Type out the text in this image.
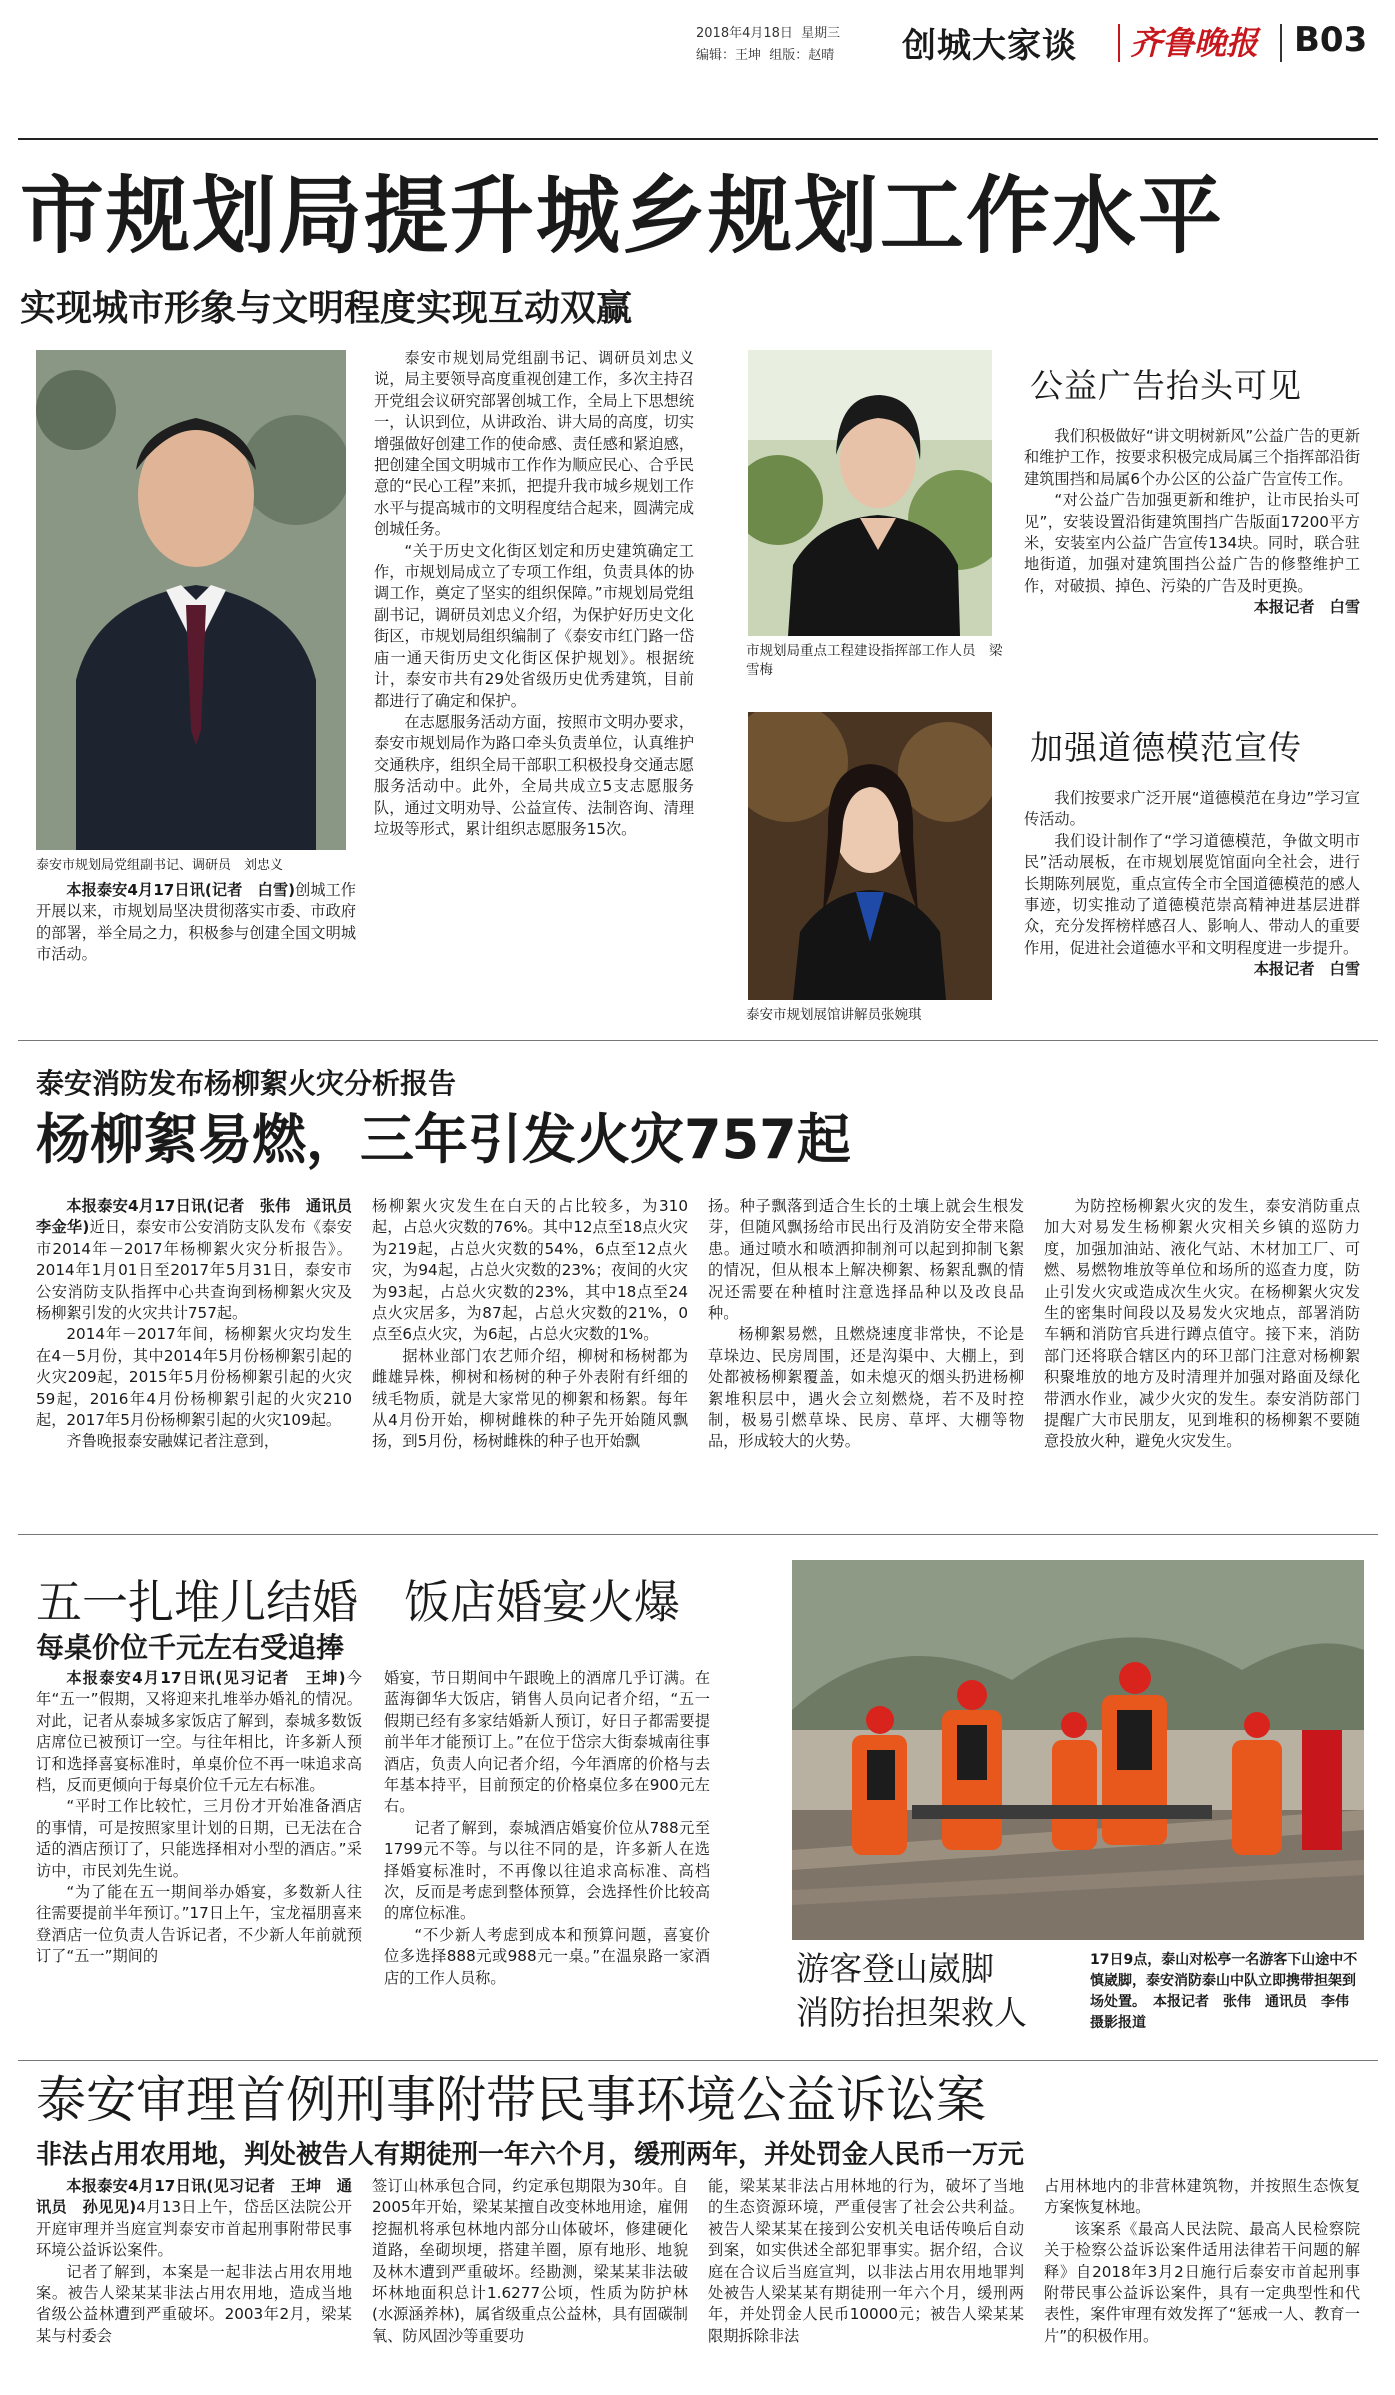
2018年4月18日 星期三
编辑：王坤 组版：赵晴 创城大家谈 齐鲁晚报 B03
市规划局提升城乡规划工作水平
实现城市形象与文明程度实现互动双赢
泰安市规划局党组副书记、调研员　刘忠义

本报泰安4月17日讯(记者　白雪)创城工作开展以来，市规划局坚决贯彻落实市委、市政府的部署，举全局之力，积极参与创建全国文明城市活动。

泰安市规划局党组副书记、调研员刘忠义说，局主要领导高度重视创建工作，多次主持召开党组会议研究部署创城工作，全局上下思想统一，认识到位，从讲政治、讲大局的高度，切实增强做好创建工作的使命感、责任感和紧迫感，把创建全国文明城市工作作为顺应民心、合乎民意的“民心工程”来抓，把提升我市城乡规划工作水平与提高城市的文明程度结合起来，圆满完成创城任务。

“关于历史文化街区划定和历史建筑确定工作，市规划局成立了专项工作组，负责具体的协调工作，奠定了坚实的组织保障。”市规划局党组副书记，调研员刘忠义介绍，为保护好历史文化街区，市规划局组织编制了《泰安市红门路一岱庙一通天街历史文化街区保护规划》。根据统计，泰安市共有29处省级历史优秀建筑，目前都进行了确定和保护。

在志愿服务活动方面，按照市文明办要求，泰安市规划局作为路口牵头负责单位，认真维护交通秩序，组织全局干部职工积极投身交通志愿服务活动中。此外，全局共成立5支志愿服务队，通过文明劝导、公益宣传、法制咨询、清理垃圾等形式，累计组织志愿服务15次。

市规划局重点工程建设指挥部工作人员　梁雪梅
泰安市规划展馆讲解员张婉琪
公益广告抬头可见

我们积极做好“讲文明树新风”公益广告的更新和维护工作，按要求积极完成局属三个指挥部沿街建筑围挡和局属6个办公区的公益广告宣传工作。

“对公益广告加强更新和维护，让市民抬头可见”，安装设置沿街建筑围挡广告版面17200平方米，安装室内公益广告宣传134块。同时，联合驻地街道，加强对建筑围挡公益广告的修整维护工作，对破损、掉色、污染的广告及时更换。

本报记者　白雪

加强道德模范宣传

我们按要求广泛开展“道德模范在身边”学习宣传活动。

我们设计制作了“学习道德模范，争做文明市民”活动展板，在市规划展览馆面向全社会，进行长期陈列展览，重点宣传全市全国道德模范的感人事迹，切实推动了道德模范崇高精神进基层进群众，充分发挥榜样感召人、影响人、带动人的重要作用，促进社会道德水平和文明程度进一步提升。

本报记者　白雪

泰安消防发布杨柳絮火灾分析报告
杨柳絮易燃，三年引发火灾757起

本报泰安4月17日讯(记者　张伟　通讯员　李金华)近日，泰安市公安消防支队发布《泰安市2014年－2017年杨柳絮火灾分析报告》。2014年1月01日至2017年5月31日，泰安市公安消防支队指挥中心共查询到杨柳絮火灾及杨柳絮引发的火灾共计757起。

2014年－2017年间，杨柳絮火灾均发生在4－5月份，其中2014年5月份杨柳絮引起的火灾209起，2015年5月份杨柳絮引起的火灾59起，2016年4月份杨柳絮引起的火灾210起，2017年5月份杨柳絮引起的火灾109起。

齐鲁晚报泰安融媒记者注意到，

杨柳絮火灾发生在白天的占比较多，为310起，占总火灾数的76%。其中12点至18点火灾为219起，占总火灾数的54%，6点至12点火灾，为94起，占总火灾数的23%；夜间的火灾为93起，占总火灾数的23%，其中18点至24点火灾居多，为87起，占总火灾数的21%，0点至6点火灾，为6起，占总火灾数的1%。

据林业部门农艺师介绍，柳树和杨树都为雌雄异株，柳树和杨树的种子外表附有纤细的绒毛物质，就是大家常见的柳絮和杨絮。每年从4月份开始，柳树雌株的种子先开始随风飘扬，到5月份，杨树雌株的种子也开始飘

扬。种子飘落到适合生长的土壤上就会生根发芽，但随风飘扬给市民出行及消防安全带来隐患。通过喷水和喷洒抑制剂可以起到抑制飞絮的情况，但从根本上解决柳絮、杨絮乱飘的情况还需要在种植时注意选择品种以及改良品种。

杨柳絮易燃，且燃烧速度非常快，不论是草垛边、民房周围，还是沟渠中、大棚上，到处都被杨柳絮覆盖，如未熄灭的烟头扔进杨柳絮堆积层中，遇火会立刻燃烧，若不及时控制，极易引燃草垛、民房、草坪、大棚等物品，形成较大的火势。

为防控杨柳絮火灾的发生，泰安消防重点加大对易发生杨柳絮火灾相关乡镇的巡防力度，加强加油站、液化气站、木材加工厂、可燃、易燃物堆放等单位和场所的巡查力度，防止引发火灾或造成次生火灾。在杨柳絮火灾发生的密集时间段以及易发火灾地点，部署消防车辆和消防官兵进行蹲点值守。接下来，消防部门还将联合辖区内的环卫部门注意对杨柳絮积聚堆放的地方及时清理并加强对路面及绿化带洒水作业，减少火灾的发生。泰安消防部门提醒广大市民朋友，见到堆积的杨柳絮不要随意投放火种，避免火灾发生。

五一扎堆儿结婚　饭店婚宴火爆
每桌价位千元左右受追捧

本报泰安4月17日讯(见习记者　王坤)今年“五一”假期，又将迎来扎堆举办婚礼的情况。对此，记者从泰城多家饭店了解到，泰城多数饭店席位已被预订一空。与往年相比，许多新人预订和选择喜宴标准时，单桌价位不再一味追求高档，反而更倾向于每桌价位千元左右标准。

“平时工作比较忙，三月份才开始准备酒店的事情，可是按照家里计划的日期，已无法在合适的酒店预订了，只能选择相对小型的酒店。”采访中，市民刘先生说。

“为了能在五一期间举办婚宴，多数新人往往需要提前半年预订。”17日上午，宝龙福朋喜来登酒店一位负责人告诉记者，不少新人年前就预订了“五一”期间的

婚宴，节日期间中午跟晚上的酒席几乎订满。在蓝海御华大饭店，销售人员向记者介绍，“五一假期已经有多家结婚新人预订，好日子都需要提前半年才能预订上。”在位于岱宗大街泰城南往事酒店，负责人向记者介绍，今年酒席的价格与去年基本持平，目前预定的价格桌位多在900元左右。

记者了解到，泰城酒店婚宴价位从788元至1799元不等。与以往不同的是，许多新人在选择婚宴标准时，不再像以往追求高标准、高档次，反而是考虑到整体预算，会选择性价比较高的席位标准。

“不少新人考虑到成本和预算问题，喜宴价位多选择888元或988元一桌。”在温泉路一家酒店的工作人员称。	游客登山崴脚
消防抬担架救人
17日9点，泰山对松亭一名游客下山途中不慎崴脚，泰安消防泰山中队立即携带担架到场处置。　本报记者　张伟　通讯员　李伟　摄影报道
泰安审理首例刑事附带民事环境公益诉讼案
非法占用农用地，判处被告人有期徒刑一年六个月，缓刑两年，并处罚金人民币一万元

本报泰安4月17日讯(见习记者　王坤　通讯员　孙见见)4月13日上午，岱岳区法院公开开庭审理并当庭宣判泰安市首起刑事附带民事环境公益诉讼案件。

记者了解到，本案是一起非法占用农用地案。被告人梁某某非法占用农用地，造成当地省级公益林遭到严重破坏。2003年2月，梁某某与村委会

签订山林承包合同，约定承包期限为30年。自2005年开始，梁某某擅自改变林地用途，雇佣挖掘机将承包林地内部分山体破坏，修建硬化道路，垒砌坝埂，搭建羊圈，原有地形、地貌及林木遭到严重破坏。经勘测，梁某某非法破坏林地面积总计1.6277公顷，性质为防护林(水源涵养林)，属省级重点公益林，具有固碳制氧、防风固沙等重要功

能，梁某某非法占用林地的行为，破坏了当地的生态资源环境，严重侵害了社会公共利益。被告人梁某某在接到公安机关电话传唤后自动到案，如实供述全部犯罪事实。据介绍，合议庭在合议后当庭宣判，以非法占用农用地罪判处被告人梁某某有期徒刑一年六个月，缓刑两年，并处罚金人民币10000元；被告人梁某某限期拆除非法

占用林地内的非营林建筑物，并按照生态恢复方案恢复林地。

该案系《最高人民法院、最高人民检察院关于检察公益诉讼案件适用法律若干问题的解释》自2018年3月2日施行后泰安市首起刑事附带民事公益诉讼案件，具有一定典型性和代表性，案件审理有效发挥了“惩戒一人、教育一片”的积极作用。
